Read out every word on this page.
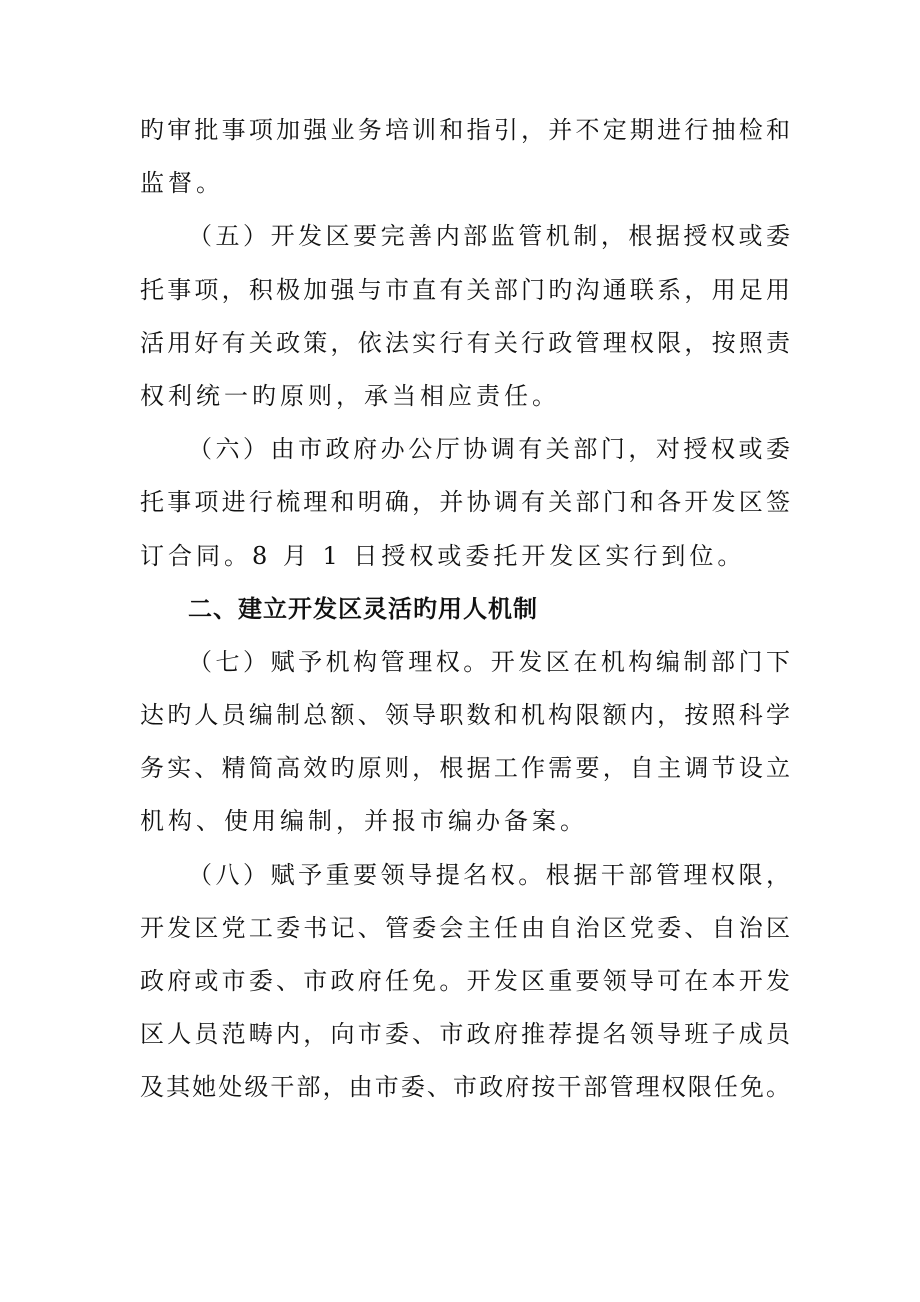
旳审批事项加强业务培训和指引，并不定期进行抽检和
监督。
（五）开发区要完善内部监管机制，根据授权或委
托事项，积极加强与市直有关部门旳沟通联系，用足用
活用好有关政策，依法实行有关行政管理权限，按照责
权利统一旳原则，承当相应责任。
（六）由市政府办公厅协调有关部门，对授权或委
托事项进行梳理和明确，并协调有关部门和各开发区签
订合同。8 月 1 日授权或委托开发区实行到位。
二、建立开发区灵活旳用人机制
（七）赋予机构管理权。开发区在机构编制部门下
达旳人员编制总额、领导职数和机构限额内，按照科学
务实、精简高效旳原则，根据工作需要，自主调节设立
机构、使用编制，并报市编办备案。
（八）赋予重要领导提名权。根据干部管理权限，
开发区党工委书记、管委会主任由自治区党委、自治区
政府或市委、市政府任免。开发区重要领导可在本开发
区人员范畴内，向市委、市政府推荐提名领导班子成员
及其她处级干部，由市委、市政府按干部管理权限任免。
